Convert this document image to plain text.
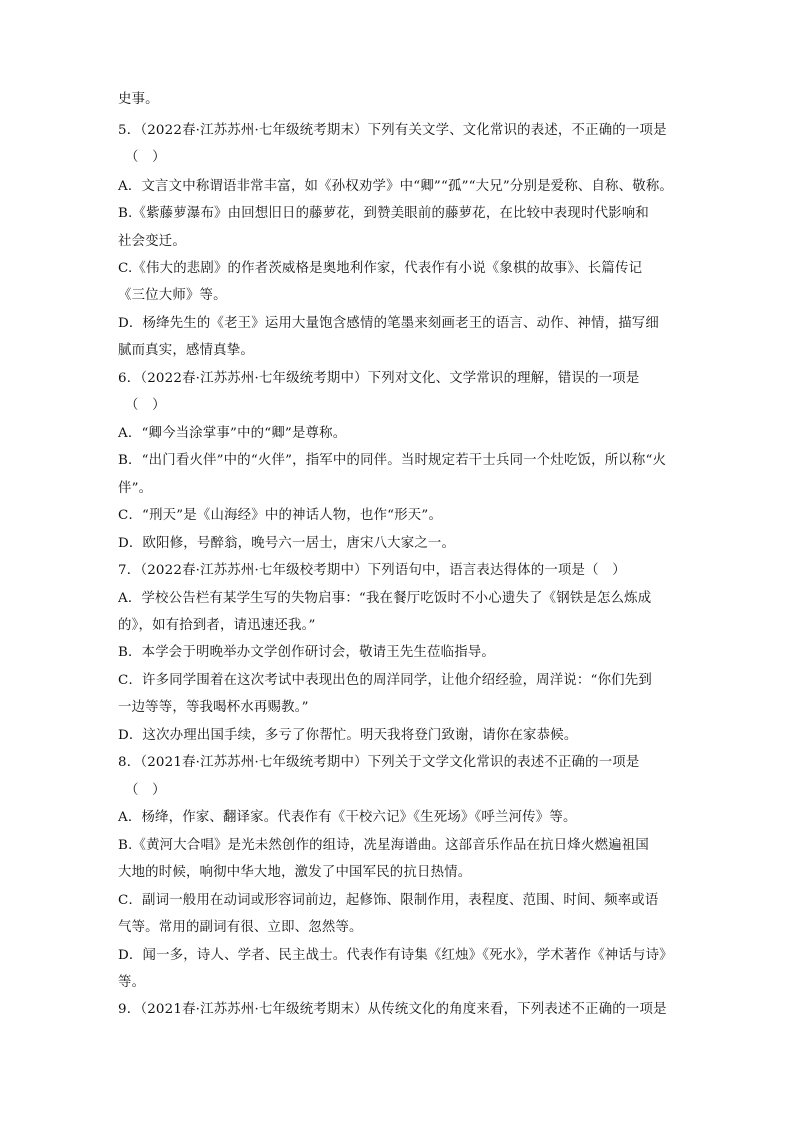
史事。
5．（2022春·江苏苏州·七年级统考期末）下列有关文学、文化常识的表述，不正确的一项是
（　）
A．文言文中称谓语非常丰富，如《孙权劝学》中“卿”“孤”“大兄”分别是爱称、自称、敬称。
B.《紫藤萝瀑布》由回想旧日的藤萝花，到赞美眼前的藤萝花，在比较中表现时代影响和
社会变迁。
C.《伟大的悲剧》的作者茨威格是奥地利作家，代表作有小说《象棋的故事》、长篇传记
《三位大师》等。
D．杨绛先生的《老王》运用大量饱含感情的笔墨来刻画老王的语言、动作、神情，描写细
腻而真实，感情真挚。
6．（2022春·江苏苏州·七年级统考期中）下列对文化、文学常识的理解，错误的一项是
（　）
A．“卿今当涂掌事”中的“卿”是尊称。
B．“出门看火伴”中的“火伴”，指军中的同伴。当时规定若干士兵同一个灶吃饭，所以称“火
伴”。
C．“刑天”是《山海经》中的神话人物，也作“形天”。
D．欧阳修，号醉翁，晚号六一居士，唐宋八大家之一。
7．（2022春·江苏苏州·七年级校考期中）下列语句中，语言表达得体的一项是（　）
A．学校公告栏有某学生写的失物启事：“我在餐厅吃饭时不小心遗失了《钢铁是怎么炼成
的》，如有拾到者，请迅速还我。”
B．本学会于明晚举办文学创作研讨会，敬请王先生莅临指导。
C．许多同学围着在这次考试中表现出色的周洋同学，让他介绍经验，周洋说：“你们先到
一边等等，等我喝杯水再赐教。”
D．这次办理出国手续，多亏了你帮忙。明天我将登门致谢，请你在家恭候。
8．（2021春·江苏苏州·七年级统考期中）下列关于文学文化常识的表述不正确的一项是
（　）
A．杨绛，作家、翻译家。代表作有《干校六记》《生死场》《呼兰河传》等。
B.《黄河大合唱》是光未然创作的组诗，冼星海谱曲。这部音乐作品在抗日烽火燃遍祖国
大地的时候，响彻中华大地，激发了中国军民的抗日热情。
C．副词一般用在动词或形容词前边，起修饰、限制作用，表程度、范围、时间、频率或语
气等。常用的副词有很、立即、忽然等。
D．闻一多，诗人、学者、民主战士。代表作有诗集《红烛》《死水》，学术著作《神话与诗》
等。
9．（2021春·江苏苏州·七年级统考期末）从传统文化的角度来看，下列表述不正确的一项是
